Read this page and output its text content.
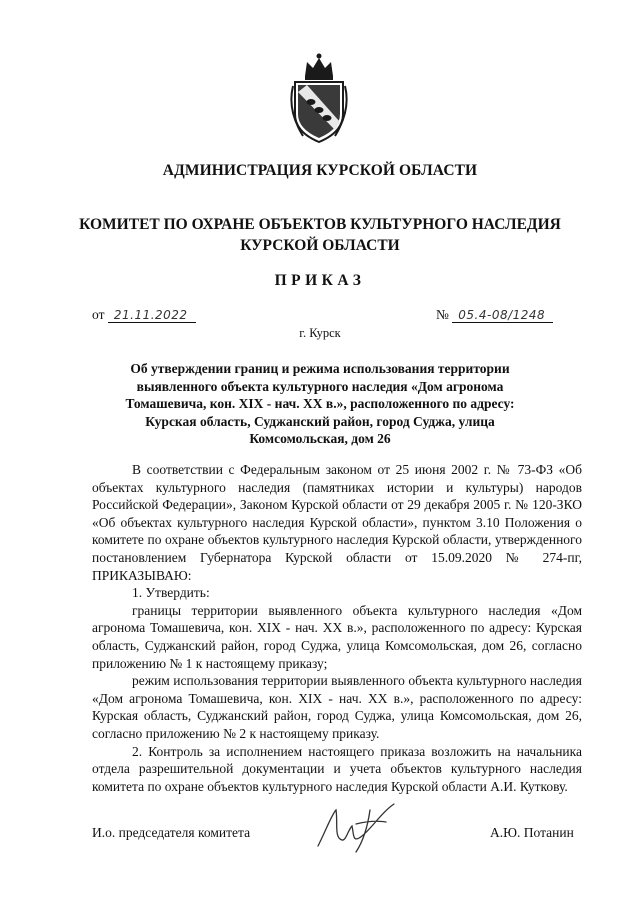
АДМИНИСТРАЦИЯ КУРСКОЙ ОБЛАСТИ
КОМИТЕТ ПО ОХРАНЕ ОБЪЕКТОВ КУЛЬТУРНОГО НАСЛЕДИЯ
КУРСКОЙ ОБЛАСТИ
ПРИКАЗ
от 21.11.2022	№ 05.4-08/1248
г. Курск
Об утверждении границ и режима использования территории выявленного объекта культурного наследия «Дом агронома Томашевича, кон. XIX - нач. XX в.», расположенного по адресу: Курская область, Суджанский район, город Суджа, улица Комсомольская, дом 26

В соответствии с Федеральным законом от 25 июня 2002 г. № 73-ФЗ «Об объектах культурного наследия (памятниках истории и культуры) народов Российской Федерации», Законом Курской области от 29 декабря 2005 г. № 120-ЗКО «Об объектах культурного наследия Курской области», пунктом 3.10 Положения о комитете по охране объектов культурного наследия Курской области, утвержденного постановлением Губернатора Курской области от 15.09.2020 № 274-пг, ПРИКАЗЫВАЮ:

1. Утвердить:

границы территории выявленного объекта культурного наследия «Дом агронома Томашевича, кон. XIX - нач. XX в.», расположенного по адресу: Курская область, Суджанский район, город Суджа, улица Комсомольская, дом 26, согласно приложению № 1 к настоящему приказу;

режим использования территории выявленного объекта культурного наследия «Дом агронома Томашевича, кон. XIX - нач. XX в.», расположенного по адресу: Курская область, Суджанский район, город Суджа, улица Комсомольская, дом 26, согласно приложению № 2 к настоящему приказу.

2. Контроль за исполнением настоящего приказа возложить на начальника отдела разрешительной документации и учета объектов культурного наследия комитета по охране объектов культурного наследия Курской области А.И. Куткову.

И.о. председателя комитета	А.Ю. Потанин
